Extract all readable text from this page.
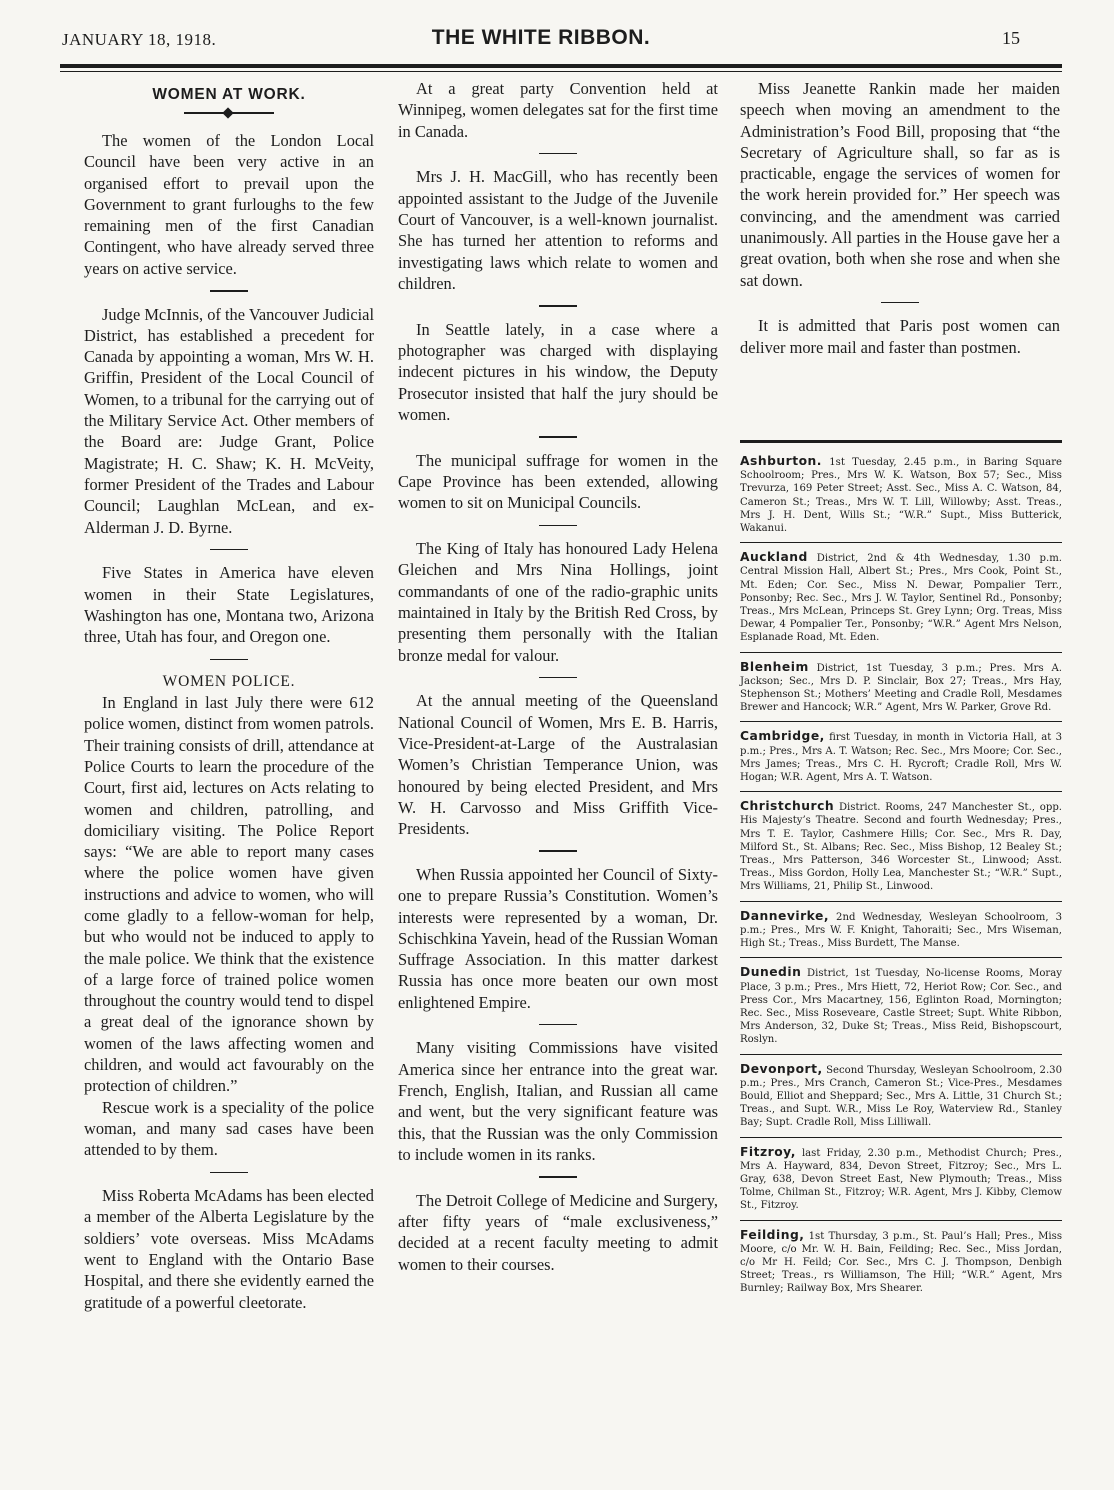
JANUARY 18, 1918.	THE WHITE RIBBON.	15
WOMEN AT WORK.

The women of the London Local Council have been very active in an organised effort to prevail upon the Government to grant furloughs to the few remaining men of the first Canadian Contingent, who have already served three years on active service.

Judge McInnis, of the Vancouver Judicial District, has established a precedent for Canada by appointing a woman, Mrs W. H. Griffin, President of the Local Council of Women, to a tribunal for the carrying out of the Military Service Act. Other members of the Board are: Judge Grant, Police Magistrate; H. C. Shaw; K. H. McVeity, former President of the Trades and Labour Council; Laughlan McLean, and ex-Alderman J. D. Byrne.

Five States in America have eleven women in their State Legislatures, Washington has one, Montana two, Arizona three, Utah has four, and Oregon one.

WOMEN POLICE.

In England in last July there were 612 police women, distinct from women patrols. Their training consists of drill, attendance at Police Courts to learn the procedure of the Court, first aid, lectures on Acts relating to women and children, patrolling, and domiciliary visiting. The Police Report says: “We are able to report many cases where the police women have given instructions and advice to women, who will come gladly to a fellow-woman for help, but who would not be induced to apply to the male police. We think that the existence of a large force of trained police women throughout the country would tend to dispel a great deal of the ignorance shown by women of the laws affecting women and children, and would act favourably on the protection of children.”

Rescue work is a speciality of the police woman, and many sad cases have been attended to by them.

Miss Roberta McAdams has been elected a member of the Alberta Legislature by the soldiers’ vote overseas. Miss McAdams went to England with the Ontario Base Hospital, and there she evidently earned the gratitude of a powerful cleetorate.

At a great party Convention held at Winnipeg, women delegates sat for the first time in Canada.

Mrs J. H. MacGill, who has recently been appointed assistant to the Judge of the Juvenile Court of Vancouver, is a well-known journalist. She has turned her attention to reforms and investigating laws which relate to women and children.

In Seattle lately, in a case where a photographer was charged with displaying indecent pictures in his window, the Deputy Prosecutor insisted that half the jury should be women.

The municipal suffrage for women in the Cape Province has been extended, allowing women to sit on Municipal Councils.

The King of Italy has honoured Lady Helena Gleichen and Mrs Nina Hollings, joint commandants of one of the radio-graphic units maintained in Italy by the British Red Cross, by presenting them personally with the Italian bronze medal for valour.

At the annual meeting of the Queensland National Council of Women, Mrs E. B. Harris, Vice-President-at-Large of the Australasian Women’s Christian Temperance Union, was honoured by being elected President, and Mrs W. H. Carvosso and Miss Griffith Vice-Presidents.

When Russia appointed her Council of Sixty-one to prepare Russia’s Constitution. Women’s interests were represented by a woman, Dr. Schischkina Yavein, head of the Russian Woman Suffrage Association. In this matter darkest Russia has once more beaten our own most enlightened Empire.

Many visiting Commissions have visited America since her entrance into the great war. French, English, Italian, and Russian all came and went, but the very significant feature was this, that the Russian was the only Commission to include women in its ranks.

The Detroit College of Medicine and Surgery, after fifty years of “male exclusiveness,” decided at a recent faculty meeting to admit women to their courses.

Miss Jeanette Rankin made her maiden speech when moving an amendment to the Administration’s Food Bill, proposing that “the Secretary of Agriculture shall, so far as is practicable, engage the services of women for the work herein provided for.” Her speech was convincing, and the amendment was carried unanimously. All parties in the House gave her a great ovation, both when she rose and when she sat down.

It is admitted that Paris post women can deliver more mail and faster than postmen.

Ashburton. 1st Tuesday, 2.45 p.m., in Baring Square Schoolroom; Pres., Mrs W. K. Watson, Box 57; Sec., Miss Trevurza, 169 Peter Street; Asst. Sec., Miss A. C. Watson, 84, Cameron St.; Treas., Mrs W. T. Lill, Willowby; Asst. Treas., Mrs J. H. Dent, Wills St.; “W.R.” Supt., Miss Butterick, Wakanui.

Auckland District, 2nd & 4th Wednesday, 1.30 p.m. Central Mission Hall, Albert St.; Pres., Mrs Cook, Point St., Mt. Eden; Cor. Sec., Miss N. Dewar, Pompalier Terr., Ponsonby; Rec. Sec., Mrs J. W. Taylor, Sentinel Rd., Ponsonby; Treas., Mrs McLean, Princeps St. Grey Lynn; Org. Treas, Miss Dewar, 4 Pompalier Ter., Ponsonby; “W.R.” Agent Mrs Nelson, Esplanade Road, Mt. Eden.

Blenheim District, 1st Tuesday, 3 p.m.; Pres. Mrs A. Jackson; Sec., Mrs D. P. Sinclair, Box 27; Treas., Mrs Hay, Stephenson St.; Mothers’ Meeting and Cradle Roll, Mesdames Brewer and Hancock; W.R.” Agent, Mrs W. Parker, Grove Rd.

Cambridge, first Tuesday, in month in Victoria Hall, at 3 p.m.; Pres., Mrs A. T. Watson; Rec. Sec., Mrs Moore; Cor. Sec., Mrs James; Treas., Mrs C. H. Rycroft; Cradle Roll, Mrs W. Hogan; W.R. Agent, Mrs A. T. Watson.

Christchurch District. Rooms, 247 Manchester St., opp. His Majesty’s Theatre. Second and fourth Wednesday; Pres., Mrs T. E. Taylor, Cashmere Hills; Cor. Sec., Mrs R. Day, Milford St., St. Albans; Rec. Sec., Miss Bishop, 12 Bealey St.; Treas., Mrs Patterson, 346 Worcester St., Linwood; Asst. Treas., Miss Gordon, Holly Lea, Manchester St.; “W.R.” Supt., Mrs Williams, 21, Philip St., Linwood.

Dannevirke, 2nd Wednesday, Wesleyan Schoolroom, 3 p.m.; Pres., Mrs W. F. Knight, Tahoraiti; Sec., Mrs Wiseman, High St.; Treas., Miss Burdett, The Manse.

Dunedin District, 1st Tuesday, No-license Rooms, Moray Place, 3 p.m.; Pres., Mrs Hiett, 72, Heriot Row; Cor. Sec., and Press Cor., Mrs Macartney, 156, Eglinton Road, Mornington; Rec. Sec., Miss Roseveare, Castle Street; Supt. White Ribbon, Mrs Anderson, 32, Duke St; Treas., Miss Reid, Bishopscourt, Roslyn.

Devonport, Second Thursday, Wesleyan Schoolroom, 2.30 p.m.; Pres., Mrs Cranch, Cameron St.; Vice-Pres., Mesdames Bould, Elliot and Sheppard; Sec., Mrs A. Little, 31 Church St.; Treas., and Supt. W.R., Miss Le Roy, Waterview Rd., Stanley Bay; Supt. Cradle Roll, Miss Lilliwall.

Fitzroy, last Friday, 2.30 p.m., Methodist Church; Pres., Mrs A. Hayward, 834, Devon Street, Fitzroy; Sec., Mrs L. Gray, 638, Devon Street East, New Plymouth; Treas., Miss Tolme, Chilman St., Fitzroy; W.R. Agent, Mrs J. Kibby, Clemow St., Fitzroy.

Feilding, 1st Thursday, 3 p.m., St. Paul’s Hall; Pres., Miss Moore, c/o Mr. W. H. Bain, Feilding; Rec. Sec., Miss Jordan, c/o Mr H. Feild; Cor. Sec., Mrs C. J. Thompson, Denbigh Street; Treas., rs Williamson, The Hill; “W.R.” Agent, Mrs Burnley; Railway Box, Mrs Shearer.
